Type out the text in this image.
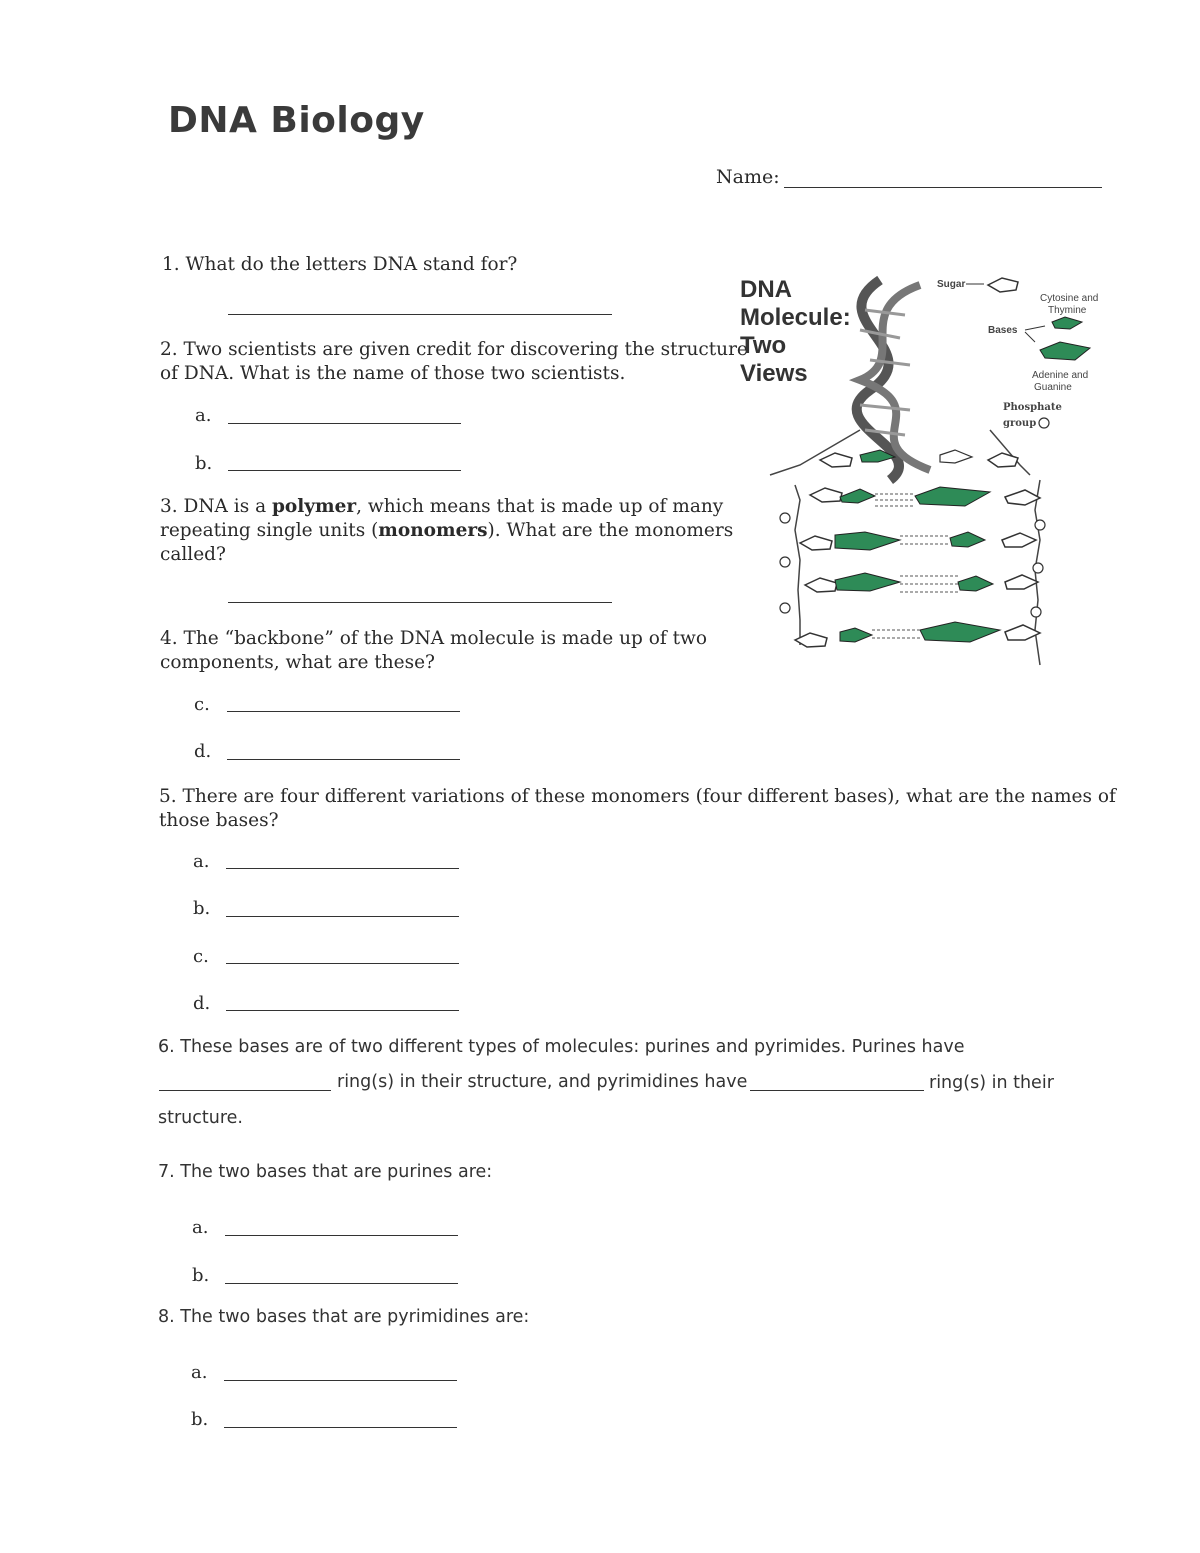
DNA Biology
Name:
1. What do the letters DNA stand for?
2. Two scientists are given credit for discovering the structure
of DNA. What is the name of those two scientists.
a.
b.
3. DNA is a polymer, which means that is made up of many
repeating single units (monomers). What are the monomers
called?
4. The “backbone” of the DNA molecule is made up of two
components, what are these?
c.
d.
5. There are four different variations of these monomers (four different bases), what are the names of
those bases?
a.
b.
c.
d.
6. These bases are of two different types of molecules: purines and pyrimides. Purines have
ring(s) in their structure, and pyrimidines have	ring(s) in their
structure.
7. The two bases that are purines are:
a.
b.
8. The two bases that are pyrimidines are:
a.
b.
DNA
Molecule:
Two
Views
Sugar
Cytosine and
Thymine
Bases
Adenine and
Guanine
Phosphate
group
